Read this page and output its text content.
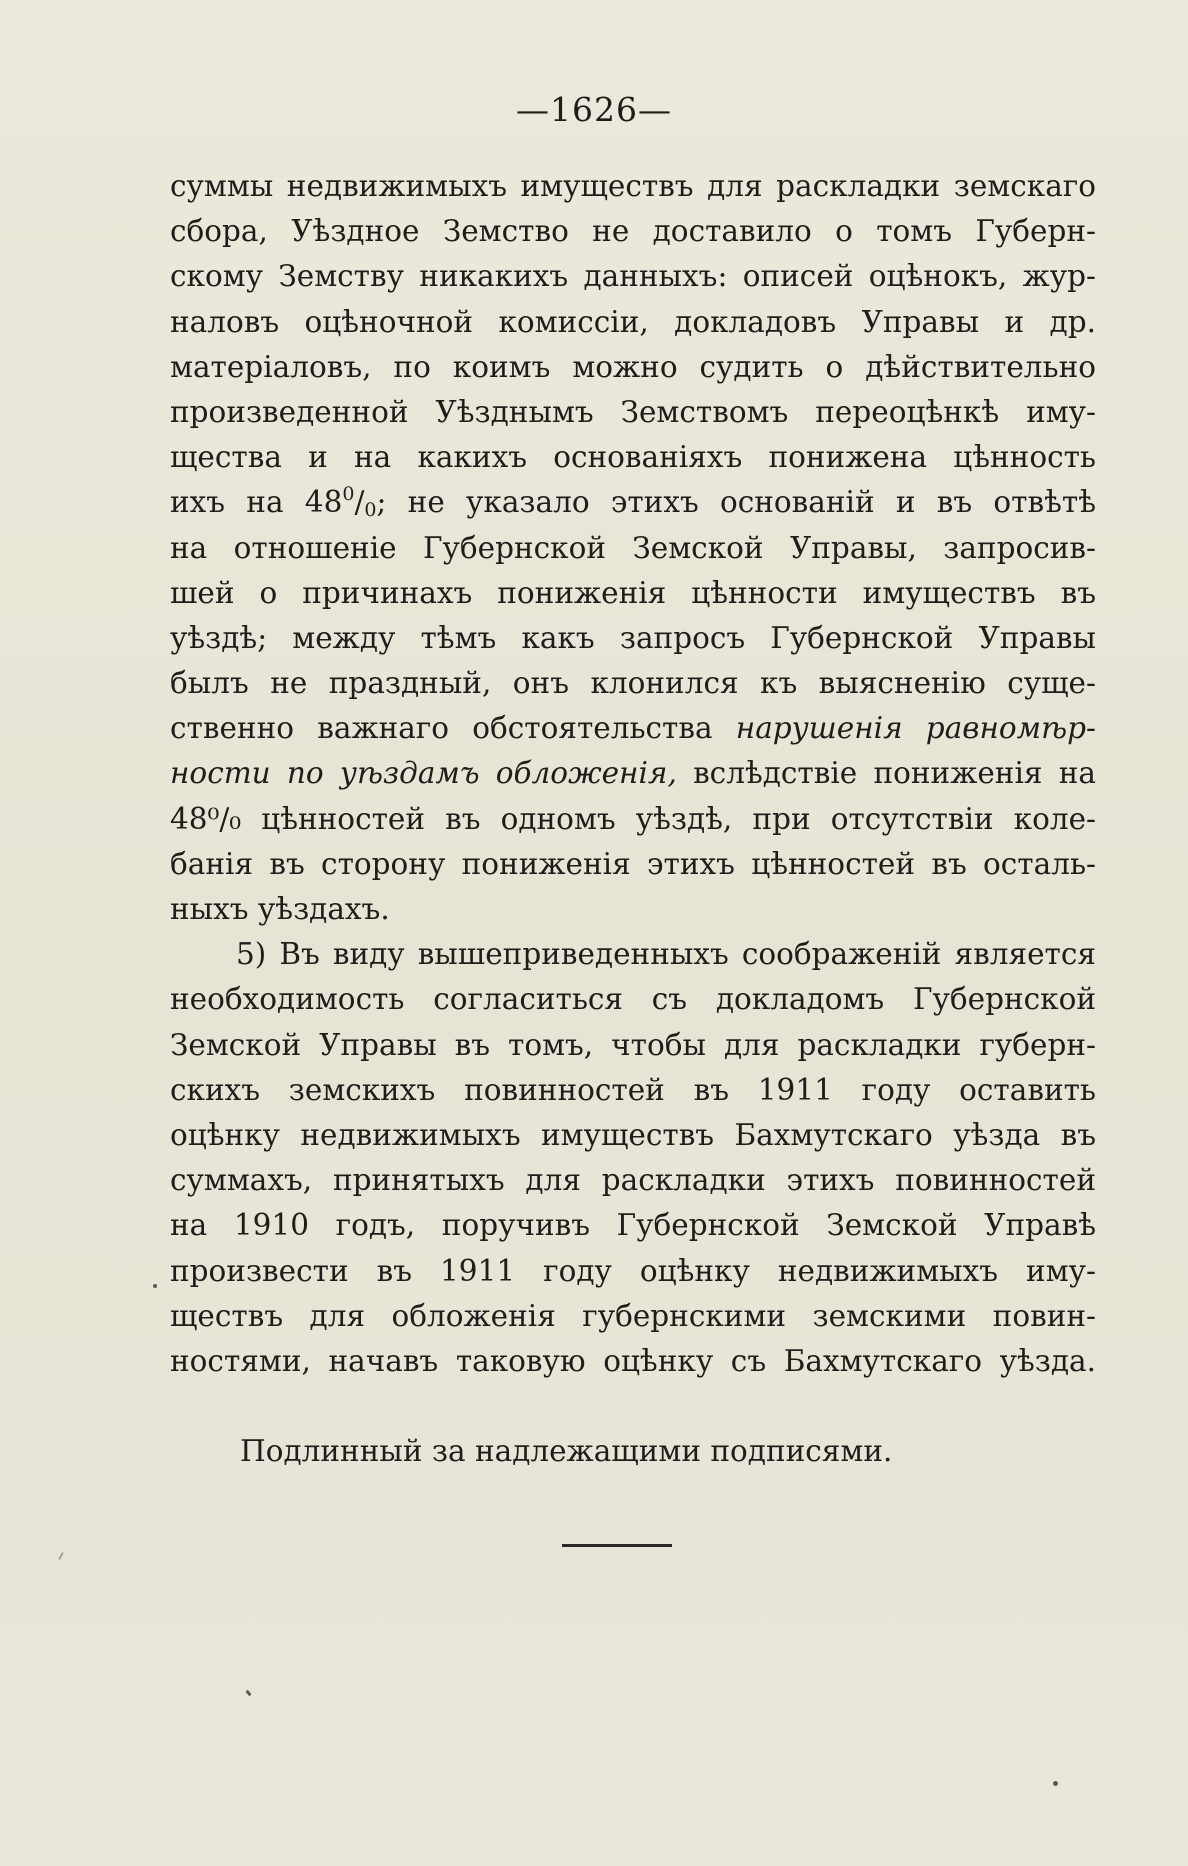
—1626—
суммы недвижимыхъ имуществъ для раскладки земскаго
сбора, Уѣздное Земство не доставило о томъ Губерн-
скому Земству никакихъ данныхъ: описей оцѣнокъ, жур-
наловъ оцѣночной комиссіи, докладовъ Управы и др.
матеріаловъ, по коимъ можно судить о дѣйствительно
произведенной Уѣзднымъ Земствомъ переоцѣнкѣ иму-
щества и на какихъ основаніяхъ понижена цѣнность
ихъ на $48^0/0$; не указало этихъ основаній и въ отвѣтѣ
на отношеніе Губернской Земской Управы, запросив-
шей о причинахъ пониженія цѣнности имуществъ въ
уѣздѣ; между тѣмъ какъ запросъ Губернской Управы
былъ не праздный, онъ клонился къ выясненію суще-
ственно важнаго обстоятельства нарушенія равномѣр-
ности по уѣздамъ обложенія, вслѣдствіе пониженія на
48⁰/₀ цѣнностей въ одномъ уѣздѣ, при отсутствіи коле-
банія въ сторону пониженія этихъ цѣнностей въ осталь-
ныхъ уѣздахъ.
5) Въ виду вышеприведенныхъ соображеній является
необходимость согласиться съ докладомъ Губернской
Земской Управы въ томъ, чтобы для раскладки губерн-
скихъ земскихъ повинностей въ 1911 году оставить
оцѣнку недвижимыхъ имуществъ Бахмутскаго уѣзда въ
суммахъ, принятыхъ для раскладки этихъ повинностей
на 1910 годъ, поручивъ Губернской Земской Управѣ
произвести въ 1911 году оцѣнку недвижимыхъ иму-
ществъ для обложенія губернскими земскими повин-
ностями, начавъ таковую оцѣнку съ Бахмутскаго уѣзда.
Подлинный за надлежащими подписями.
